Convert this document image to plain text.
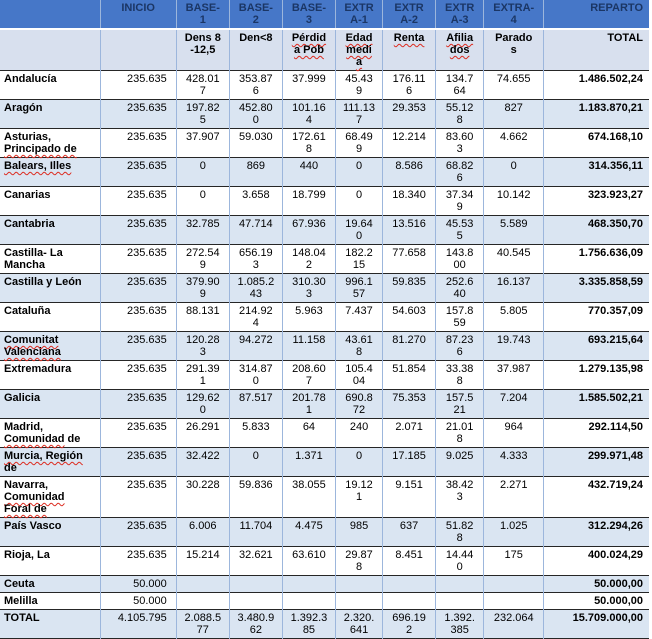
	INICIO	BASE-1	BASE-2	BASE-3	EXTRA-1	EXTRA-2	EXTRA-3	EXTRA-4	REPARTO
		Dens 8-12,5	Den<8	Pérdida Pob	Edad media	Renta	Afiliados	Parados	TOTAL
Andalucía	235.635	428.017	353.876	37.999	45.439	176.116	134.764	74.655	1.486.502,24
Aragón	235.635	197.825	452.800	101.164	111.137	29.353	55.128	827	1.183.870,21
Asturias, Principado de	235.635	37.907	59.030	172.618	68.499	12.214	83.603	4.662	674.168,10
Balears, Illes	235.635	0	869	440	0	8.586	68.826	0	314.356,11
Canarias	235.635	0	3.658	18.799	0	18.340	37.349	10.142	323.923,27
Cantabria	235.635	32.785	47.714	67.936	19.640	13.516	45.535	5.589	468.350,70
Castilla- La Mancha	235.635	272.549	656.193	148.042	182.215	77.658	143.800	40.545	1.756.636,09
Castilla y León	235.635	379.909	1.085.243	310.303	996.157	59.835	252.640	16.137	3.335.858,59
Cataluña	235.635	88.131	214.924	5.963	7.437	54.603	157.859	5.805	770.357,09
Comunitat Valenciana	235.635	120.283	94.272	11.158	43.618	81.270	87.236	19.743	693.215,64
Extremadura	235.635	291.391	314.870	208.607	105.404	51.854	33.388	37.987	1.279.135,98
Galicia	235.635	129.620	87.517	201.781	690.872	75.353	157.521	7.204	1.585.502,21
Madrid, Comunidad de	235.635	26.291	5.833	64	240	2.071	21.018	964	292.114,50
Murcia, Región de	235.635	32.422	0	1.371	0	17.185	9.025	4.333	299.971,48
Navarra, Comunidad Foral de	235.635	30.228	59.836	38.055	19.121	9.151	38.423	2.271	432.719,24
País Vasco	235.635	6.006	11.704	4.475	985	637	51.828	1.025	312.294,26
Rioja, La	235.635	15.214	32.621	63.610	29.878	8.451	14.440	175	400.024,29
Ceuta	50.000								50.000,00
Melilla	50.000								50.000,00
TOTAL	4.105.795	2.088.577	3.480.962	1.392.385	2.320.641	696.192	1.392.385	232.064	15.709.000,00
